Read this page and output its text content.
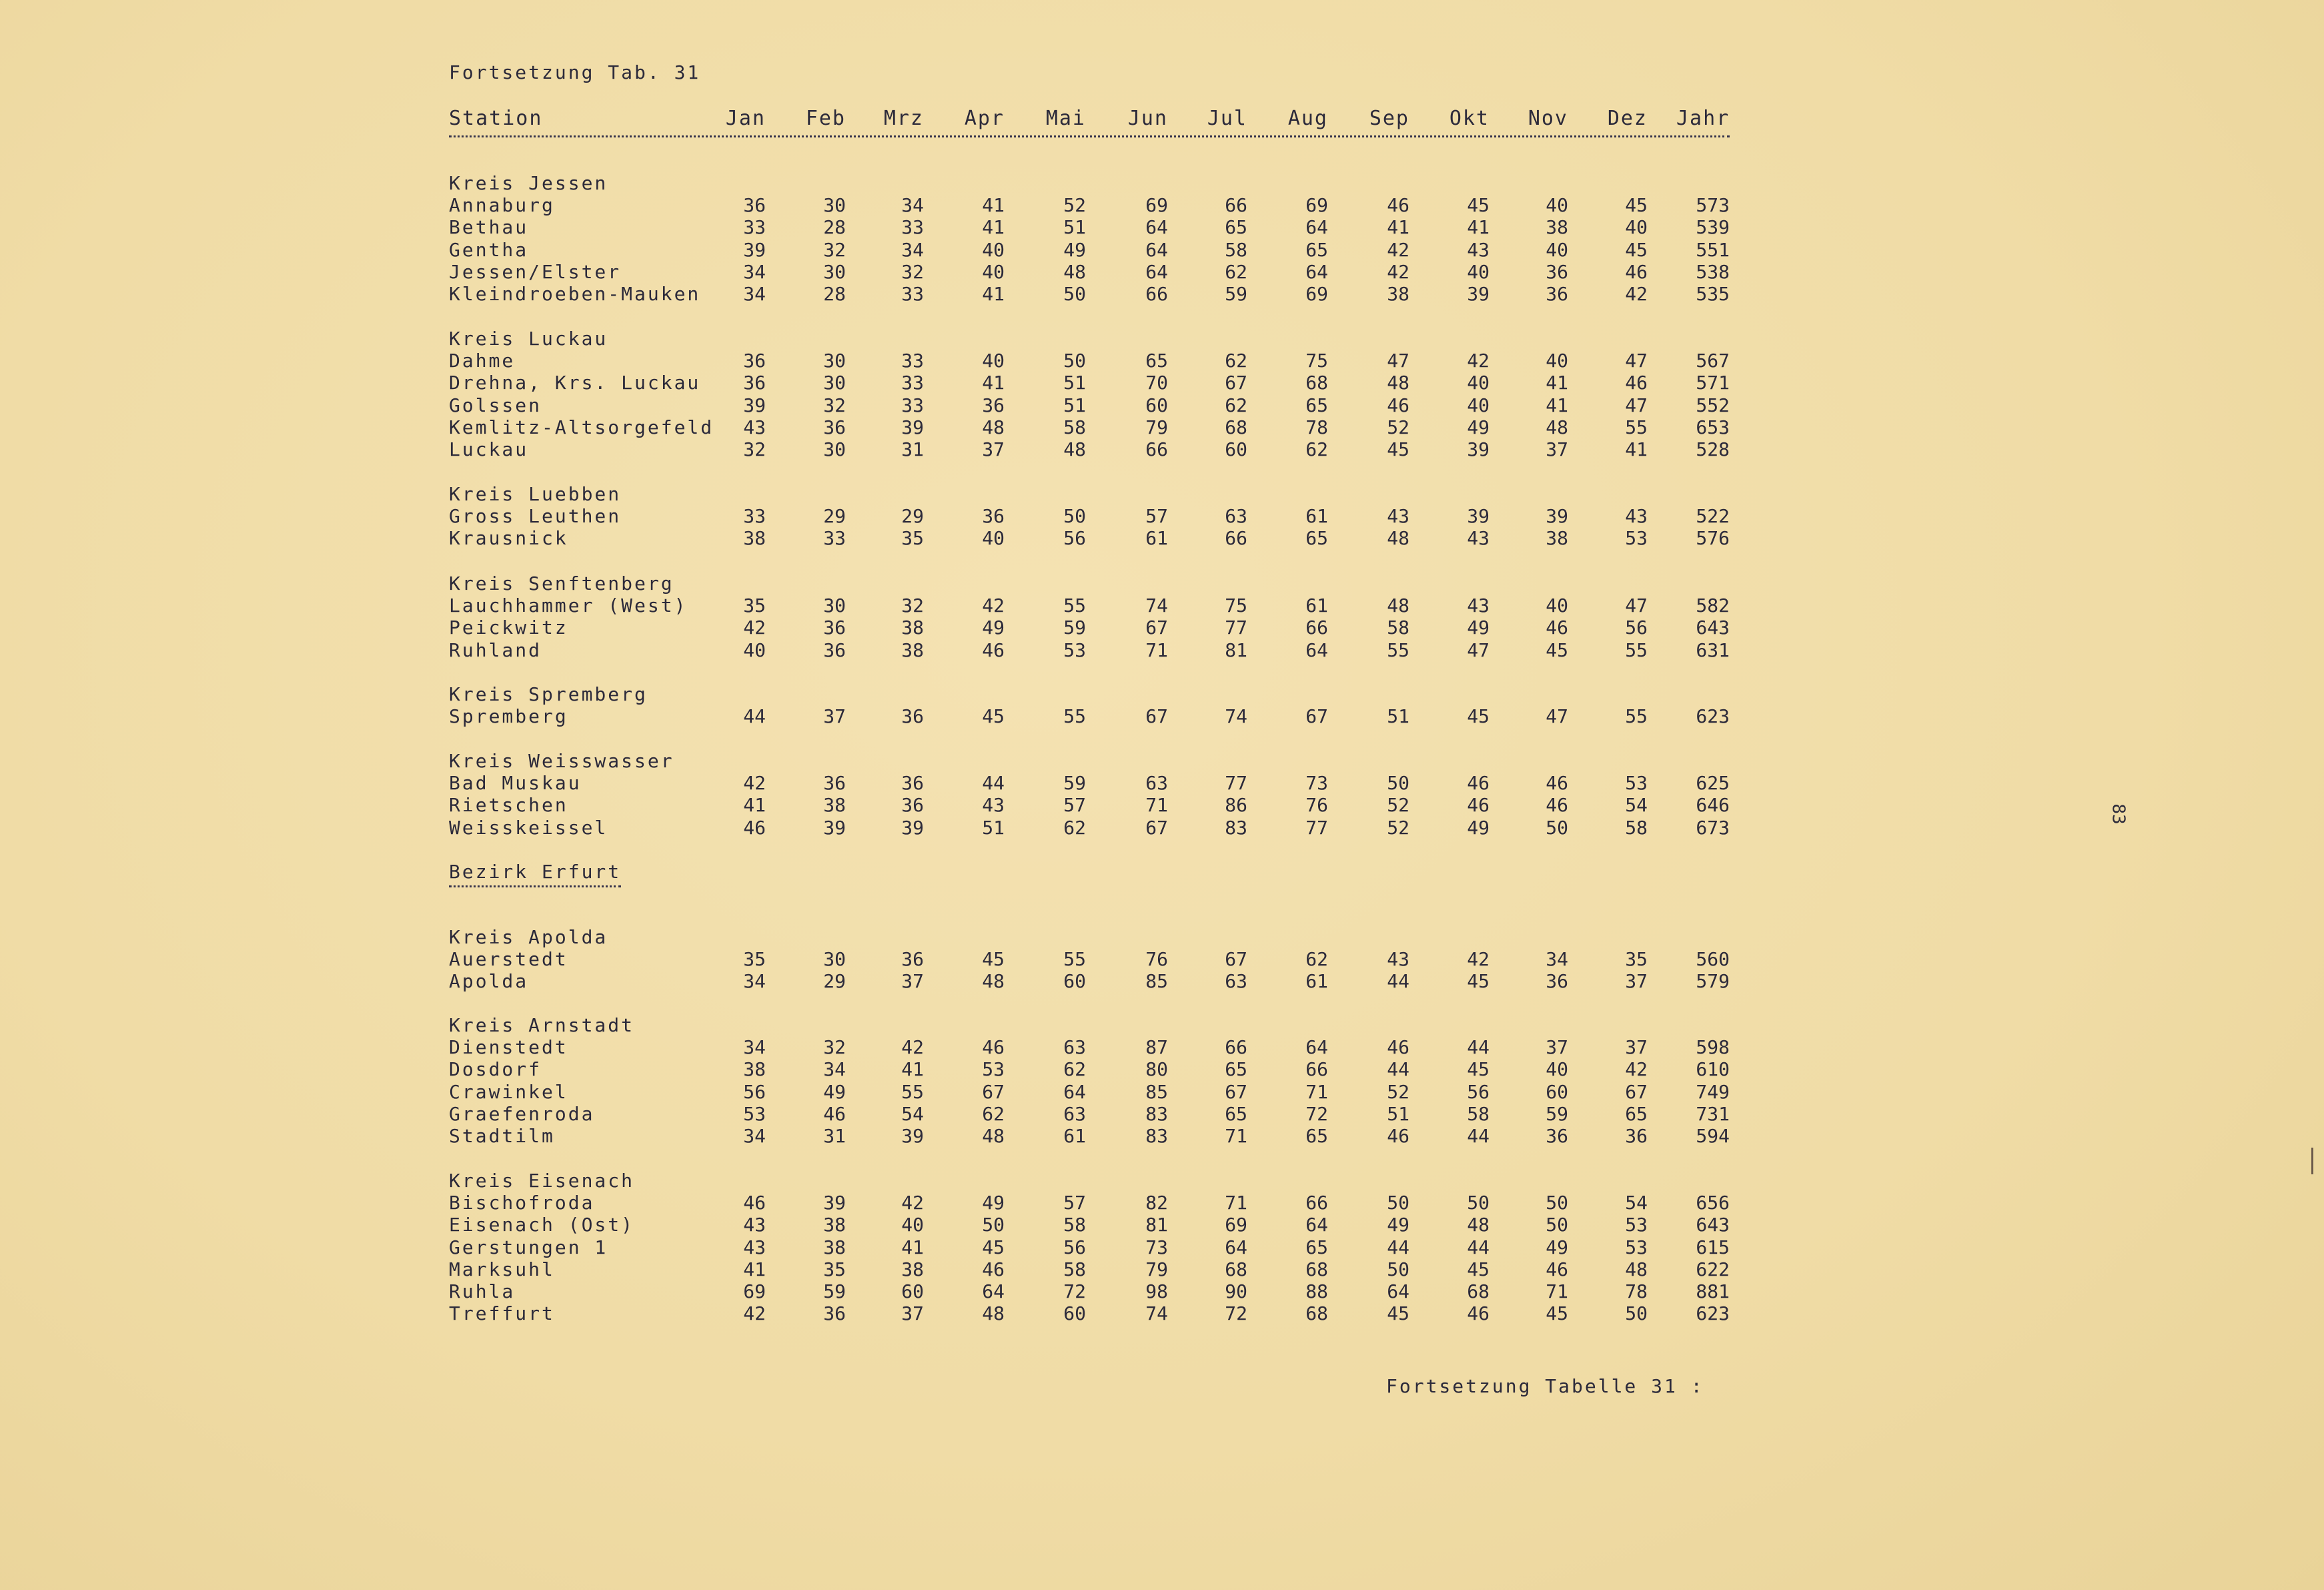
Fortsetzung Tab. 31
Station	Jan	Feb	Mrz	Apr	Mai	Jun	Jul	Aug	Sep	Okt	Nov	Dez Jahr
Kreis Jessen
Annaburg	36	30	34	41	52	69	66	69	46	45	40	45	573
Bethau	33	28	33	41	51	64	65	64	41	41	38	40	539
Gentha	39	32	34	40	49	64	58	65	42	43	40	45	551
Jessen/Elster	34	30	32	40	48	64	62	64	42	40	36	46	538
Kleindroeben-Mauken	34	28	33	41	50	66	59	69	38	39	36	42	535
Kreis Luckau
Dahme	36	30	33	40	50	65	62	75	47	42	40	47	567
Drehna, Krs. Luckau	36	30	33	41	51	70	67	68	48	40	41	46	571
Golssen	39	32	33	36	51	60	62	65	46	40	41	47	552
Kemlitz-Altsorgefeld	43	36	39	48	58	79	68	78	52	49	48	55	653
Luckau	32	30	31	37	48	66	60	62	45	39	37	41	528
Kreis Luebben
Gross Leuthen	33	29	29	36	50	57	63	61	43	39	39	43	522
Krausnick	38	33	35	40	56	61	66	65	48	43	38	53	576
Kreis Senftenberg
Lauchhammer (West)	35	30	32	42	55	74	75	61	48	43	40	47	582
Peickwitz	42	36	38	49	59	67	77	66	58	49	46	56	643
Ruhland	40	36	38	46	53	71	81	64	55	47	45	55	631
Kreis Spremberg
Spremberg	44	37	36	45	55	67	74	67	51	45	47	55	623
Kreis Weisswasser
Bad Muskau	42	36	36	44	59	63	77	73	50	46	46	53	625
Rietschen	41	38	36	43	57	71	86	76	52	46	46	54	646
Weisskeissel	46	39	39	51	62	67	83	77	52	49	50	58	673
Bezirk Erfurt
Kreis Apolda
Auerstedt	35	30	36	45	55	76	67	62	43	42	34	35	560
Apolda	34	29	37	48	60	85	63	61	44	45	36	37	579
Kreis Arnstadt
Dienstedt	34	32	42	46	63	87	66	64	46	44	37	37	598
Dosdorf	38	34	41	53	62	80	65	66	44	45	40	42	610
Crawinkel	56	49	55	67	64	85	67	71	52	56	60	67	749
Graefenroda	53	46	54	62	63	83	65	72	51	58	59	65	731
Stadtilm	34	31	39	48	61	83	71	65	46	44	36	36	594
Kreis Eisenach
Bischofroda	46	39	42	49	57	82	71	66	50	50	50	54	656
Eisenach (Ost)	43	38	40	50	58	81	69	64	49	48	50	53	643
Gerstungen 1	43	38	41	45	56	73	64	65	44	44	49	53	615
Marksuhl	41	35	38	46	58	79	68	68	50	45	46	48	622
Ruhla	69	59	60	64	72	98	90	88	64	68	71	78	881
Treffurt	42	36	37	48	60	74	72	68	45	46	45	50	623
Fortsetzung Tabelle 31 :
83
